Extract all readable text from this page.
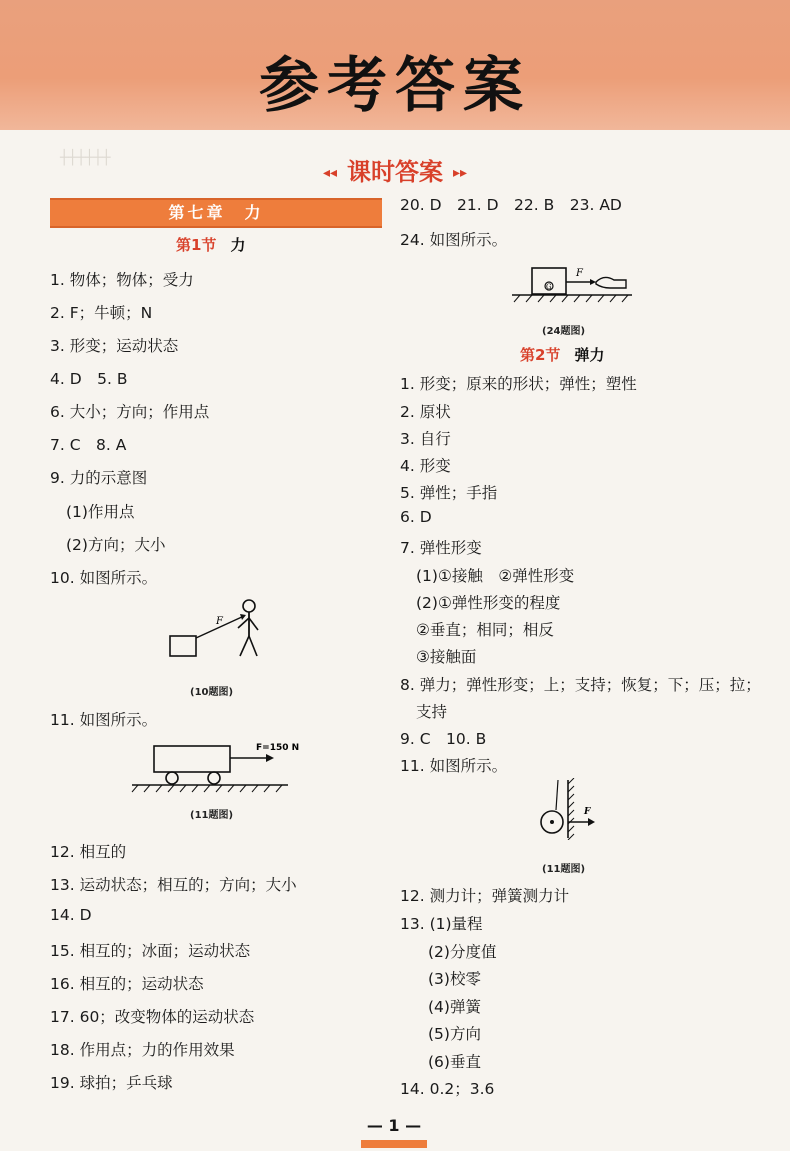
参考答案
┼┼┼┼┼┼
◂◂ 课时答案 ▸▸
第七章　力
第1节 力
1. 物体；物体；受力
2. F；牛顿；N
3. 形变；运动状态
4. D　5. B
6. 大小；方向；作用点
7. C　8. A
9. 力的示意图
(1)作用点
(2)方向；大小
10. 如图所示。
F
(10题图)
11. 如图所示。
F=150 N
(11题图)
12. 相互的
13. 运动状态；相互的；方向；大小
14. D
15. 相互的；冰面；运动状态
16. 相互的；运动状态
17. 60；改变物体的运动状态
18. 作用点；力的作用效果
19. 球拍；乒乓球
20. D　21. D　22. B　23. AD
24. 如图所示。
G
F
(24题图)
第2节 弹力
1. 形变；原来的形状；弹性；塑性
2. 原状
3. 自行
4. 形变
5. 弹性；手指
6. D
7. 弹性形变
(1)①接触　②弹性形变
(2)①弹性形变的程度
②垂直；相同；相反
③接触面
8. 弹力；弹性形变；上；支持；恢复；下；压；拉；
支持
9. C　10. B
11. 如图所示。
F
(11题图)
12. 测力计；弹簧测力计
13. (1)量程
(2)分度值
(3)校零
(4)弹簧
(5)方向
(6)垂直
14. 0.2；3.6
— 1 —
